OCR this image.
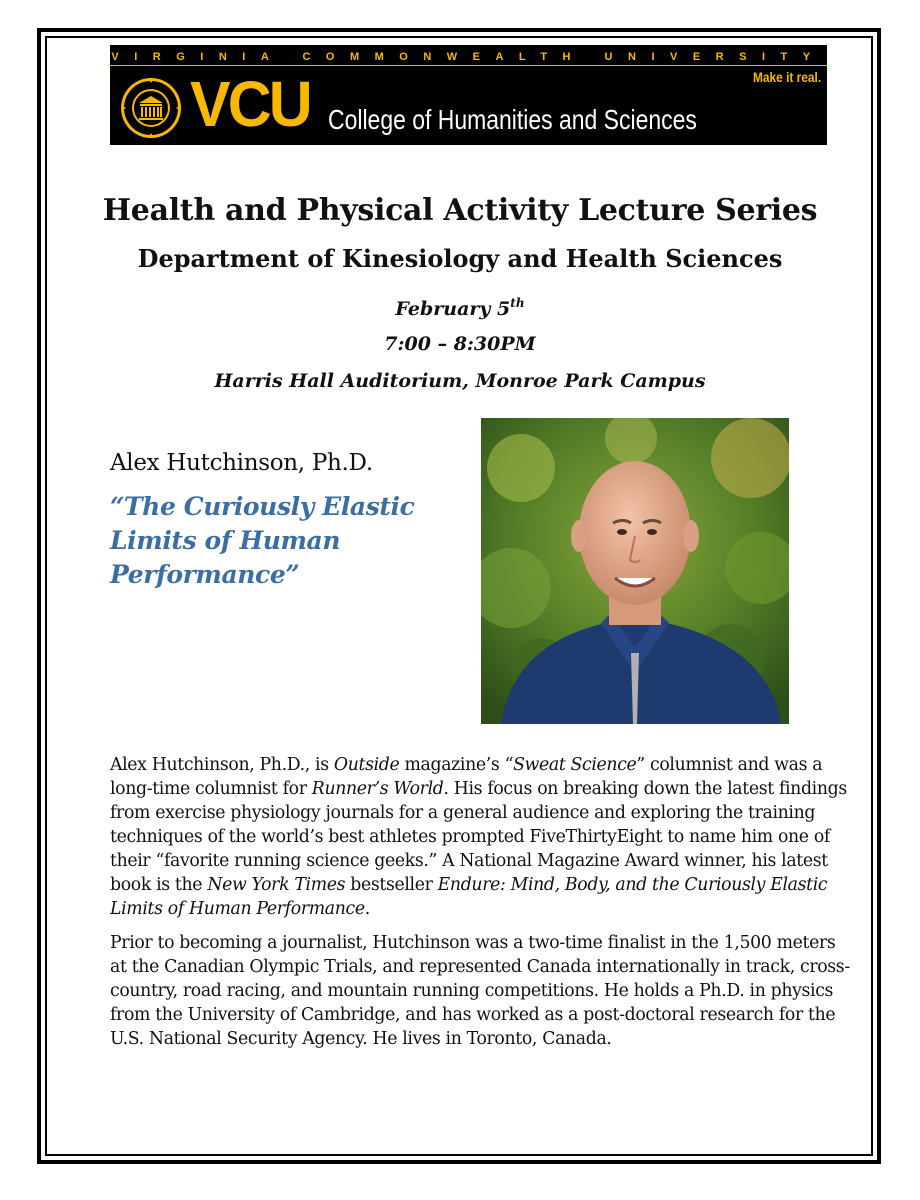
VIRGINIA COMMONWEALTH UNIVERSITY
VCU College of Humanities and Sciences
Make it real.
Health and Physical Activity Lecture Series
Department of Kinesiology and Health Sciences
February 5th
7:00 – 8:30PM
Harris Hall Auditorium, Monroe Park Campus
Alex Hutchinson, Ph.D.
“The Curiously Elastic Limits of Human Performance”

Alex Hutchinson, Ph.D., is Outside magazine’s “Sweat Science” columnist and was a long-time columnist for Runner’s World. His focus on breaking down the latest findings from exercise physiology journals for a general audience and exploring the training techniques of the world’s best athletes prompted FiveThirtyEight to name him one of their “favorite running science geeks.” A National Magazine Award winner, his latest book is the New York Times bestseller Endure: Mind, Body, and the Curiously Elastic Limits of Human Performance.

Prior to becoming a journalist, Hutchinson was a two-time finalist in the 1,500 meters at the Canadian Olympic Trials, and represented Canada internationally in track, cross-country, road racing, and mountain running competitions. He holds a Ph.D. in physics from the University of Cambridge, and has worked as a post-doctoral research for the U.S. National Security Agency. He lives in Toronto, Canada.
